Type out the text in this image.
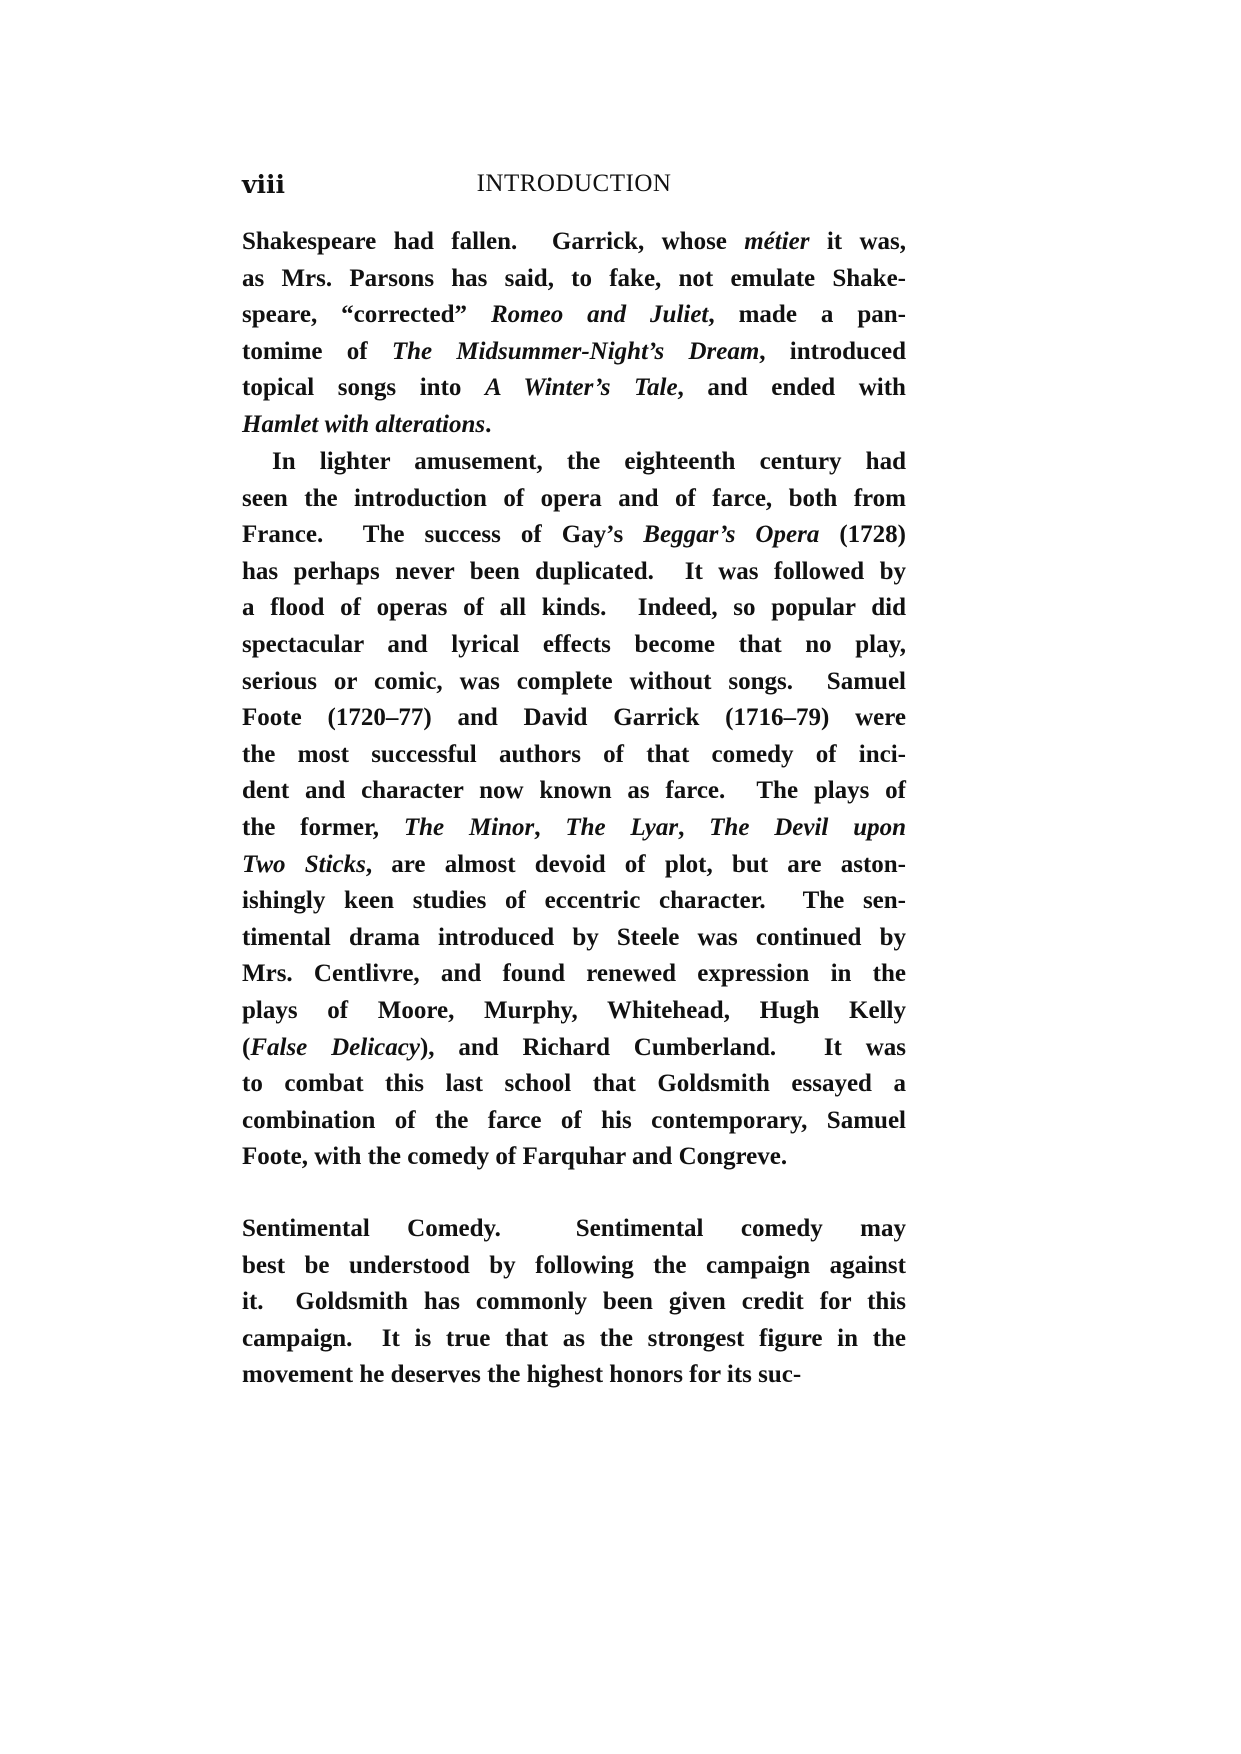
viii	INTRODUCTION
Shakespeare had fallen.  Garrick, whose métier it was,
as Mrs. Parsons has said, to fake, not emulate Shake-
speare, “corrected” Romeo and Juliet, made a pan-
tomime of The Midsummer-Night’s Dream, introduced
topical songs into A Winter’s Tale, and ended with
Hamlet with alterations.
In lighter amusement, the eighteenth century had
seen the introduction of opera and of farce, both from
France.  The success of Gay’s Beggar’s Opera (1728)
has perhaps never been duplicated.  It was followed by
a flood of operas of all kinds.  Indeed, so popular did
spectacular and lyrical effects become that no play,
serious or comic, was complete without songs.  Samuel
Foote (1720–77) and David Garrick (1716–79) were
the most successful authors of that comedy of inci-
dent and character now known as farce.  The plays of
the former, The Minor, The Lyar, The Devil upon
Two Sticks, are almost devoid of plot, but are aston-
ishingly keen studies of eccentric character.  The sen-
timental drama introduced by Steele was continued by
Mrs. Centlivre, and found renewed expression in the
plays of Moore, Murphy, Whitehead, Hugh Kelly
(False Delicacy), and Richard Cumberland.  It was
to combat this last school that Goldsmith essayed a
combination of the farce of his contemporary, Samuel
Foote, with the comedy of Farquhar and Congreve.
Sentimental Comedy.  Sentimental comedy may
best be understood by following the campaign against
it.  Goldsmith has commonly been given credit for this
campaign.  It is true that as the strongest figure in the
movement he deserves the highest honors for its suc-
